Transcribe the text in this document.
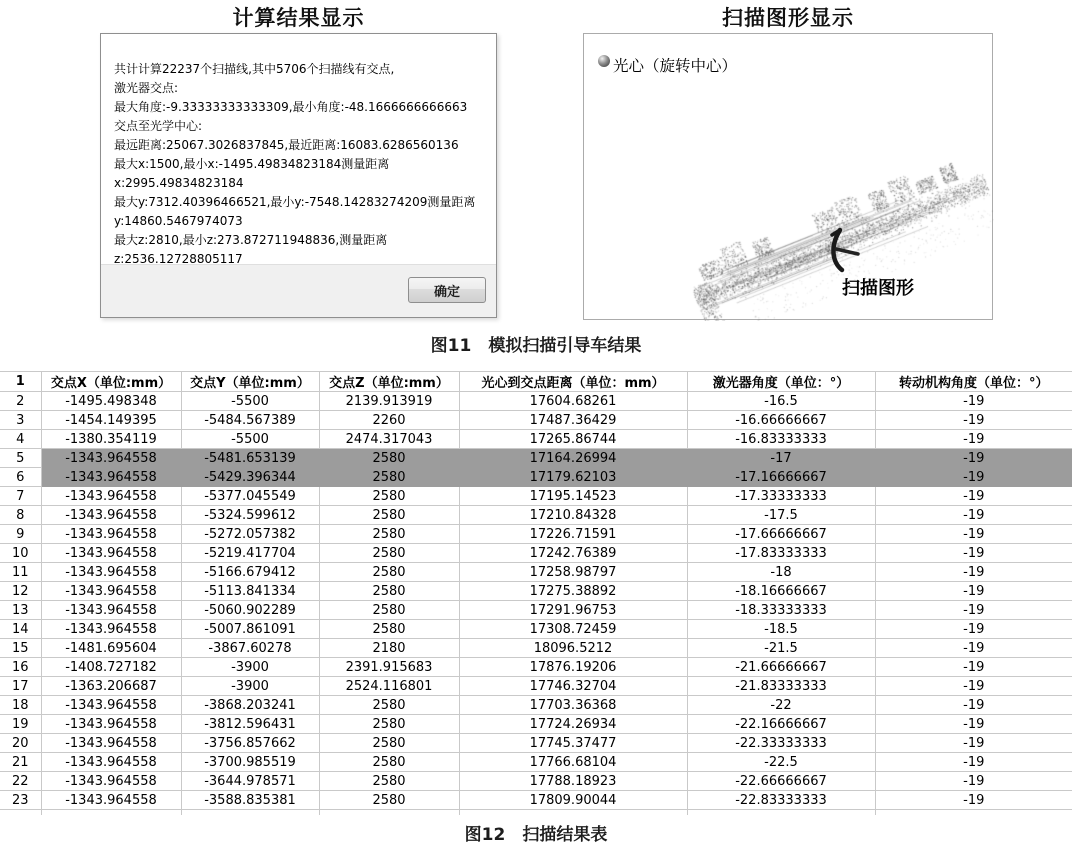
计算结果显示
共计计算22237个扫描线,其中5706个扫描线有交点,
激光器交点:
最大角度:-9.33333333333309,最小角度:-48.1666666666663
交点至光学中心:
最远距离:25067.3026837845,最近距离:16083.6286560136
最大x:1500,最小x:-1495.49834823184测量距离x:2995.49834823184
最大y:7312.40396466521,最小y:-7548.14283274209测量距离y:14860.5467974073
最大z:2810,最小z:273.872711948836,测量距离z:2536.12728805117
确定
扫描图形显示
光心（旋转中心）
扫描图形
图11　模拟扫描引导车结果
1	交点X（单位:mm）	交点Y（单位:mm）	交点Z（单位:mm）	光心到交点距离（单位：mm）	激光器角度（单位：°）	转动机构角度（单位：°）
2	-1495.498348	-5500	2139.913919	17604.68261	-16.5	-19
3	-1454.149395	-5484.567389	2260	17487.36429	-16.66666667	-19
4	-1380.354119	-5500	2474.317043	17265.86744	-16.83333333	-19
5	-1343.964558	-5481.653139	2580	17164.26994	-17	-19
6	-1343.964558	-5429.396344	2580	17179.62103	-17.16666667	-19
7	-1343.964558	-5377.045549	2580	17195.14523	-17.33333333	-19
8	-1343.964558	-5324.599612	2580	17210.84328	-17.5	-19
9	-1343.964558	-5272.057382	2580	17226.71591	-17.66666667	-19
10	-1343.964558	-5219.417704	2580	17242.76389	-17.83333333	-19
11	-1343.964558	-5166.679412	2580	17258.98797	-18	-19
12	-1343.964558	-5113.841334	2580	17275.38892	-18.16666667	-19
13	-1343.964558	-5060.902289	2580	17291.96753	-18.33333333	-19
14	-1343.964558	-5007.861091	2580	17308.72459	-18.5	-19
15	-1481.695604	-3867.60278	2180	18096.5212	-21.5	-19
16	-1408.727182	-3900	2391.915683	17876.19206	-21.66666667	-19
17	-1363.206687	-3900	2524.116801	17746.32704	-21.83333333	-19
18	-1343.964558	-3868.203241	2580	17703.36368	-22	-19
19	-1343.964558	-3812.596431	2580	17724.26934	-22.16666667	-19
20	-1343.964558	-3756.857662	2580	17745.37477	-22.33333333	-19
21	-1343.964558	-3700.985519	2580	17766.68104	-22.5	-19
22	-1343.964558	-3644.978571	2580	17788.18923	-22.66666667	-19
23	-1343.964558	-3588.835381	2580	17809.90044	-22.83333333	-19

图12　扫描结果表
